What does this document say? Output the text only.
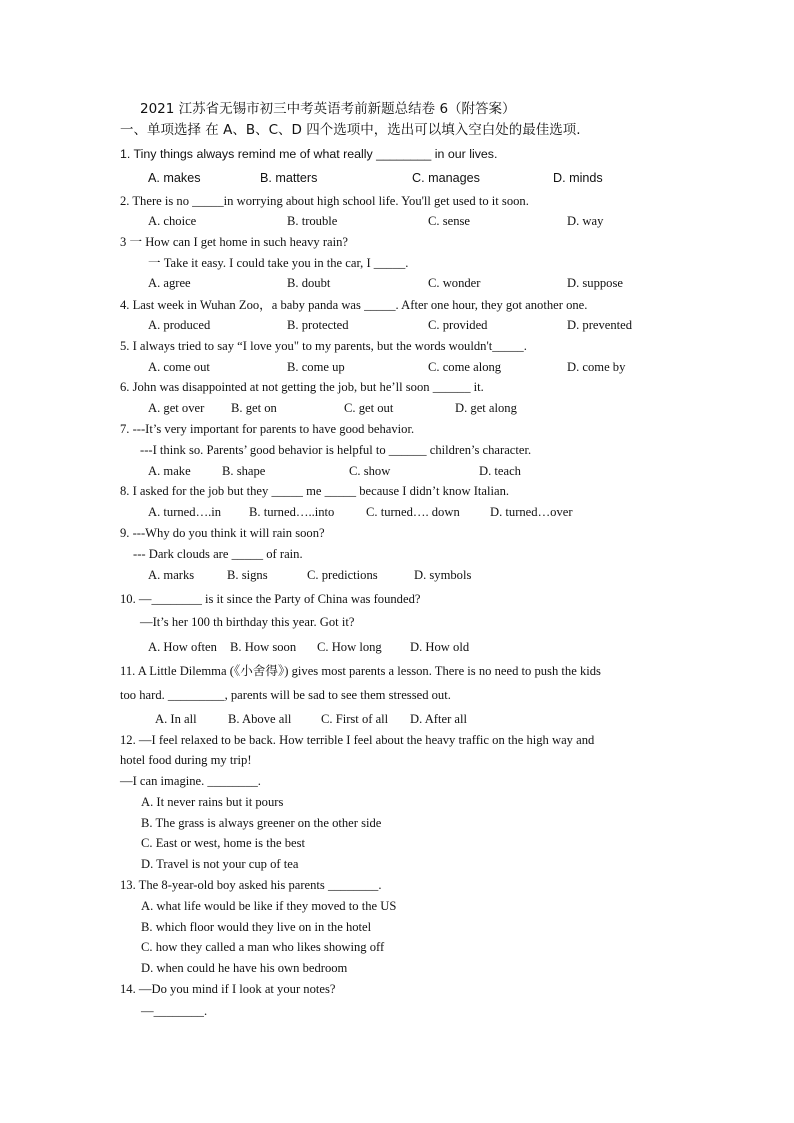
2021 江苏省无锡市初三中考英语考前新题总结卷 6（附答案）
一、单项选择 在 A、B、C、D 四个选项中，选出可以填入空白处的最佳选项.
1. Tiny things always remind me of what really ________ in our lives.
A. makes	B. matters	C. manages	D. minds
2. There is no _____in worrying about high school life. You'll get used to it soon.
A. choice	B. trouble	C. sense	D. way
3 一 How can I get home in such heavy rain?
一 Take it easy. I could take you in the car, I _____.
A. agree	B. doubt	C. wonder	D. suppose
4. Last week in Wuhan Zoo，a baby panda was _____. After one hour, they got another one.
A. produced	B. protected	C. provided	D. prevented
5. I always tried to say “I love you" to my parents, but the words wouldn't_____.
A. come out	B. come up	C. come along	D. come by
6. John was disappointed at not getting the job, but he’ll soon ______ it.
A. get over B. get on	C. get out	D. get along
7. ---It’s very important for parents to have good behavior.
---I think so. Parents’ good behavior is helpful to ______ children’s character.
A. make B. shape	C. show	D. teach
8. I asked for the job but they _____ me _____ because I didn’t know Italian.
A. turned….in B. turned…..into	C. turned…. down D. turned…over
9. ---Why do you think it will rain soon?
--- Dark clouds are _____ of rain.
A. marks	B. signs	C. predictions	D. symbols
10. —________ is it since the Party of China was founded?
—It’s her 100 th birthday this year. Got it?
A. How often B. How soon C. How long D. How old
11. A Little Dilemma (《小舍得》) gives most parents a lesson. There is no need to push the kids
too hard. _________, parents will be sad to see them stressed out.
A. In all B. Above all C. First of all D. After all
12. —I feel relaxed to be back. How terrible I feel about the heavy traffic on the high way and
hotel food during my trip!
—I can imagine. ________.
A. It never rains but it pours
B. The grass is always greener on the other side
C. East or west, home is the best
D. Travel is not your cup of tea
13. The 8-year-old boy asked his parents ________.
A. what life would be like if they moved to the US
B. which floor would they live on in the hotel
C. how they called a man who likes showing off
D. when could he have his own bedroom
14. —Do you mind if I look at your notes?
—________.
